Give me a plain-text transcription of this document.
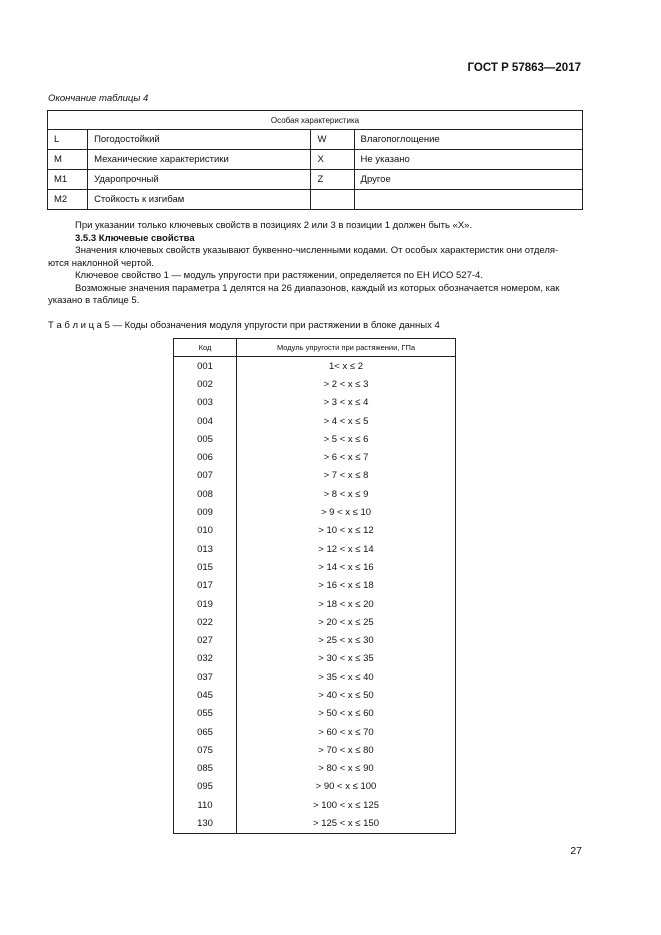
ГОСТ Р 57863—2017
Окончание таблицы 4
Особая характеристика			
L	Погодостойкий	W	Влагопоглощение
M	Механические характеристики	X	Не указано
M1	Ударопрочный	Z	Другое
M2	Стойкость к изгибам		

При указании только ключевых свойств в позициях 2 или 3 в позиции 1 должен быть «Х».

3.5.3 Ключевые свойства

Значения ключевых свойств указывают буквенно-численными кодами. От особых характеристик они отделя-

ются наклонной чертой.

Ключевое свойство 1 — модуль упругости при растяжении, определяется по ЕН ИСО 527-4.

Возможные значения параметра 1 делятся на 26 диапазонов, каждый из которых обозначается номером, как

указано в таблице 5.

Т а б л и ц а 5 — Коды обозначения модуля упругости при растяжении в блоке данных 4
Код	Модуль упругости при растяжении, ГПа
001	1< x ≤ 2
002	> 2 < x ≤ 3
003	> 3 < x ≤ 4
004	> 4 < x ≤ 5
005	> 5 < x ≤ 6
006	> 6 < x ≤ 7
007	> 7 < x ≤ 8
008	> 8 < x ≤ 9
009	> 9 < x ≤ 10
010	> 10 < x ≤ 12
013	> 12 < x ≤ 14
015	> 14 < x ≤ 16
017	> 16 < x ≤ 18
019	> 18 < x ≤ 20
022	> 20 < x ≤ 25
027	> 25 < x ≤ 30
032	> 30 < x ≤ 35
037	> 35 < x ≤ 40
045	> 40 < x ≤ 50
055	> 50 < x ≤ 60
065	> 60 < x ≤ 70
075	> 70 < x ≤ 80
085	> 80 < x ≤ 90
095	> 90 < x ≤ 100
110	> 100 < x ≤ 125
130	> 125 < x ≤ 150
27
